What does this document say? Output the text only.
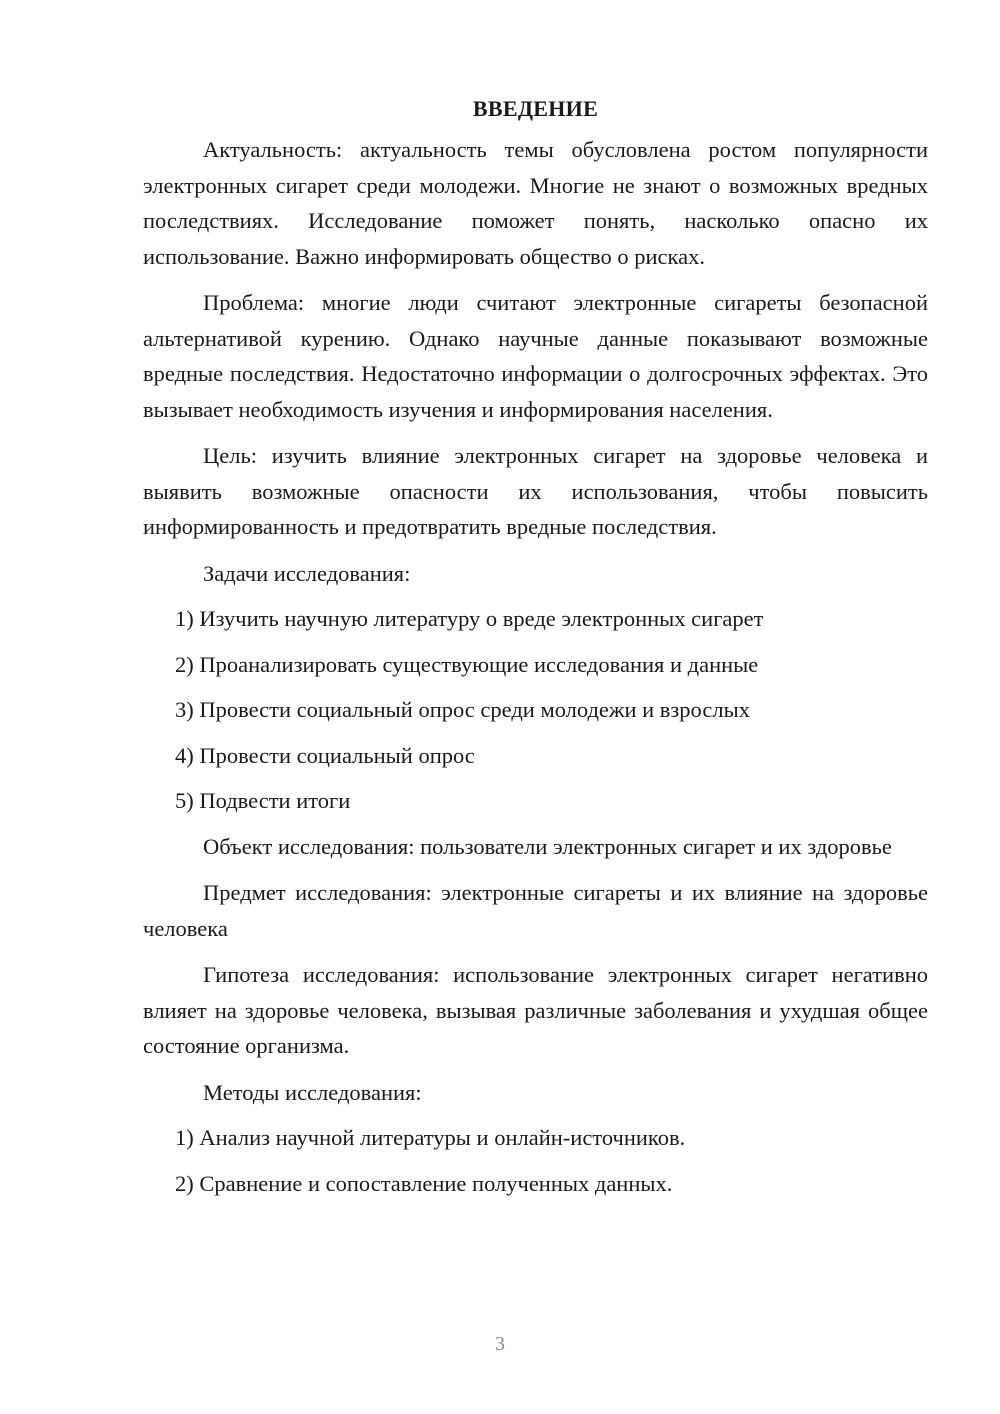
ВВЕДЕНИЕ

Актуальность: актуальность темы обусловлена ростом популярности электронных сигарет среди молодежи. Многие не знают о возможных вредных последствиях. Исследование поможет понять, насколько опасно их использование. Важно информировать общество о рисках.

Проблема: многие люди считают электронные сигареты безопасной альтернативой курению. Однако научные данные показывают возможные вредные последствия. Недостаточно информации о долгосрочных эффектах. Это вызывает необходимость изучения и информирования населения.

Цель: изучить влияние электронных сигарет на здоровье человека и выявить возможные опасности их использования, чтобы повысить информированность и предотвратить вредные последствия.

Задачи исследования:
1) Изучить научную литературу о вреде электронных сигарет
2) Проанализировать существующие исследования и данные
3) Провести социальный опрос среди молодежи и взрослых
4) Провести социальный опрос
5) Подвести итоги

Объект исследования: пользователи электронных сигарет и их здоровье

Предмет исследования: электронные сигареты и их влияние на здоровье человека

Гипотеза исследования: использование электронных сигарет негативно влияет на здоровье человека, вызывая различные заболевания и ухудшая общее состояние организма.

Методы исследования:
1) Анализ научной литературы и онлайн-источников.
2) Сравнение и сопоставление полученных данных.
3
